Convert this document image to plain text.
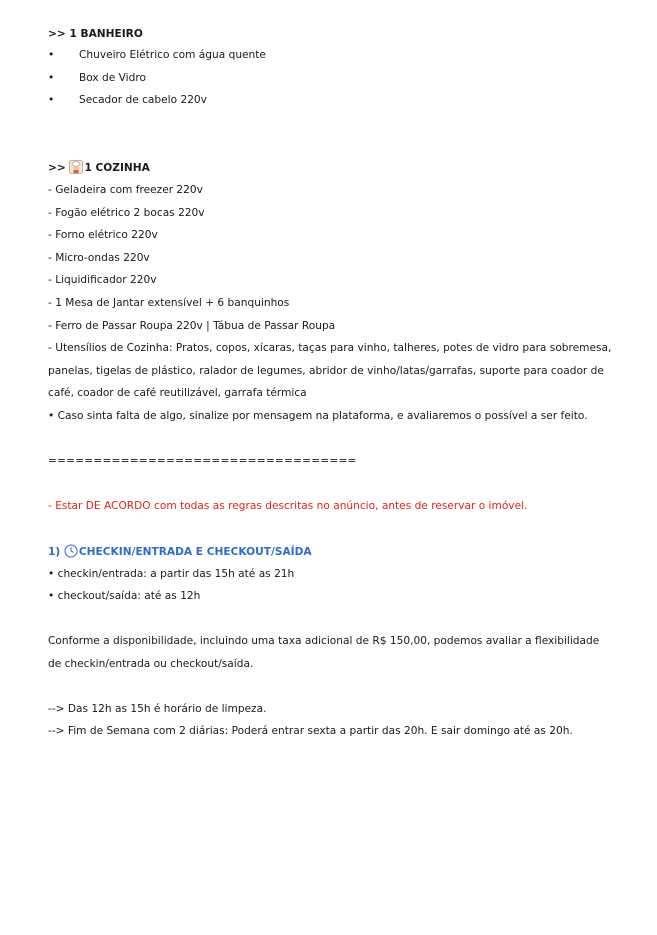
>> 1 BANHEIRO
• Chuveiro Elétrico com água quente
• Box de Vidro
• Secador de cabelo 220v
>> 1 COZINHA
- Geladeira com freezer 220v
- Fogão elétrico 2 bocas 220v
- Forno elétrico 220v
- Micro-ondas 220v
- Liquidificador 220v
- 1 Mesa de Jantar extensível + 6 banquinhos
- Ferro de Passar Roupa 220v | Tábua de Passar Roupa
- Utensílios de Cozinha: Pratos, copos, xícaras, taças para vinho, talheres, potes de vidro para sobremesa,
panelas, tigelas de plástico, ralador de legumes, abridor de vinho/latas/garrafas, suporte para coador de
café, coador de café reutilizável, garrafa térmica
• Caso sinta falta de algo, sinalize por mensagem na plataforma, e avaliaremos o possível a ser feito.
==================================
- Estar DE ACORDO com todas as regras descritas no anúncio, antes de reservar o imóvel.
1) CHECKIN/ENTRADA E CHECKOUT/SAÍDA
• checkin/entrada: a partir das 15h até as 21h
• checkout/saída: até as 12h
Conforme a disponibilidade, incluindo uma taxa adicional de R$ 150,00, podemos avaliar a flexibilidade
de checkin/entrada ou checkout/saída.
--> Das 12h as 15h é horário de limpeza.
--> Fim de Semana com 2 diárias: Poderá entrar sexta a partir das 20h. E sair domingo até as 20h.
